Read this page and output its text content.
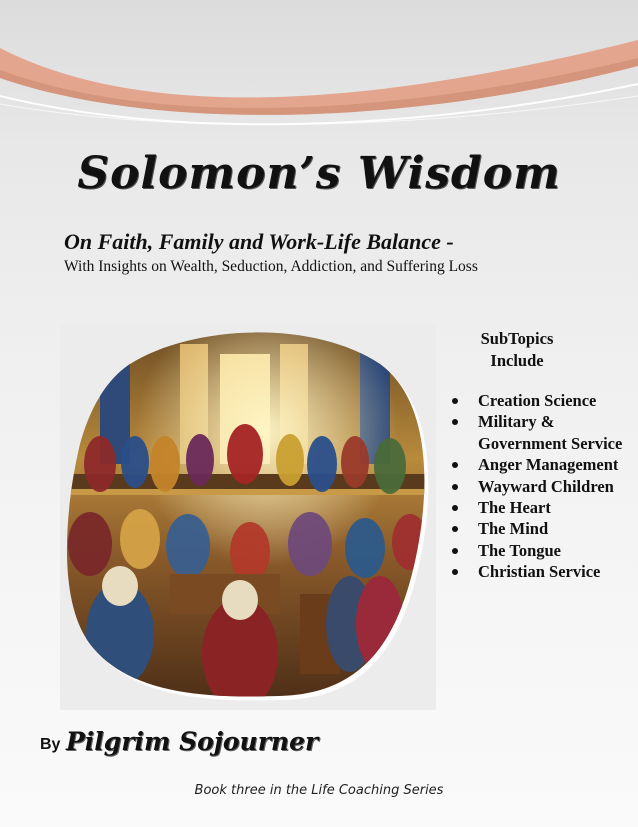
Solomon’s Wisdom
On Faith, Family and Work-Life Balance -
With Insights on Wealth, Seduction, Addiction, and Suffering Loss
SubTopics
Include
Creation Science
Military & Government Service
Anger Management
Wayward Children
The Heart
The Mind
The Tongue
Christian Service
By Pilgrim Sojourner
Book three in the Life Coaching Series
